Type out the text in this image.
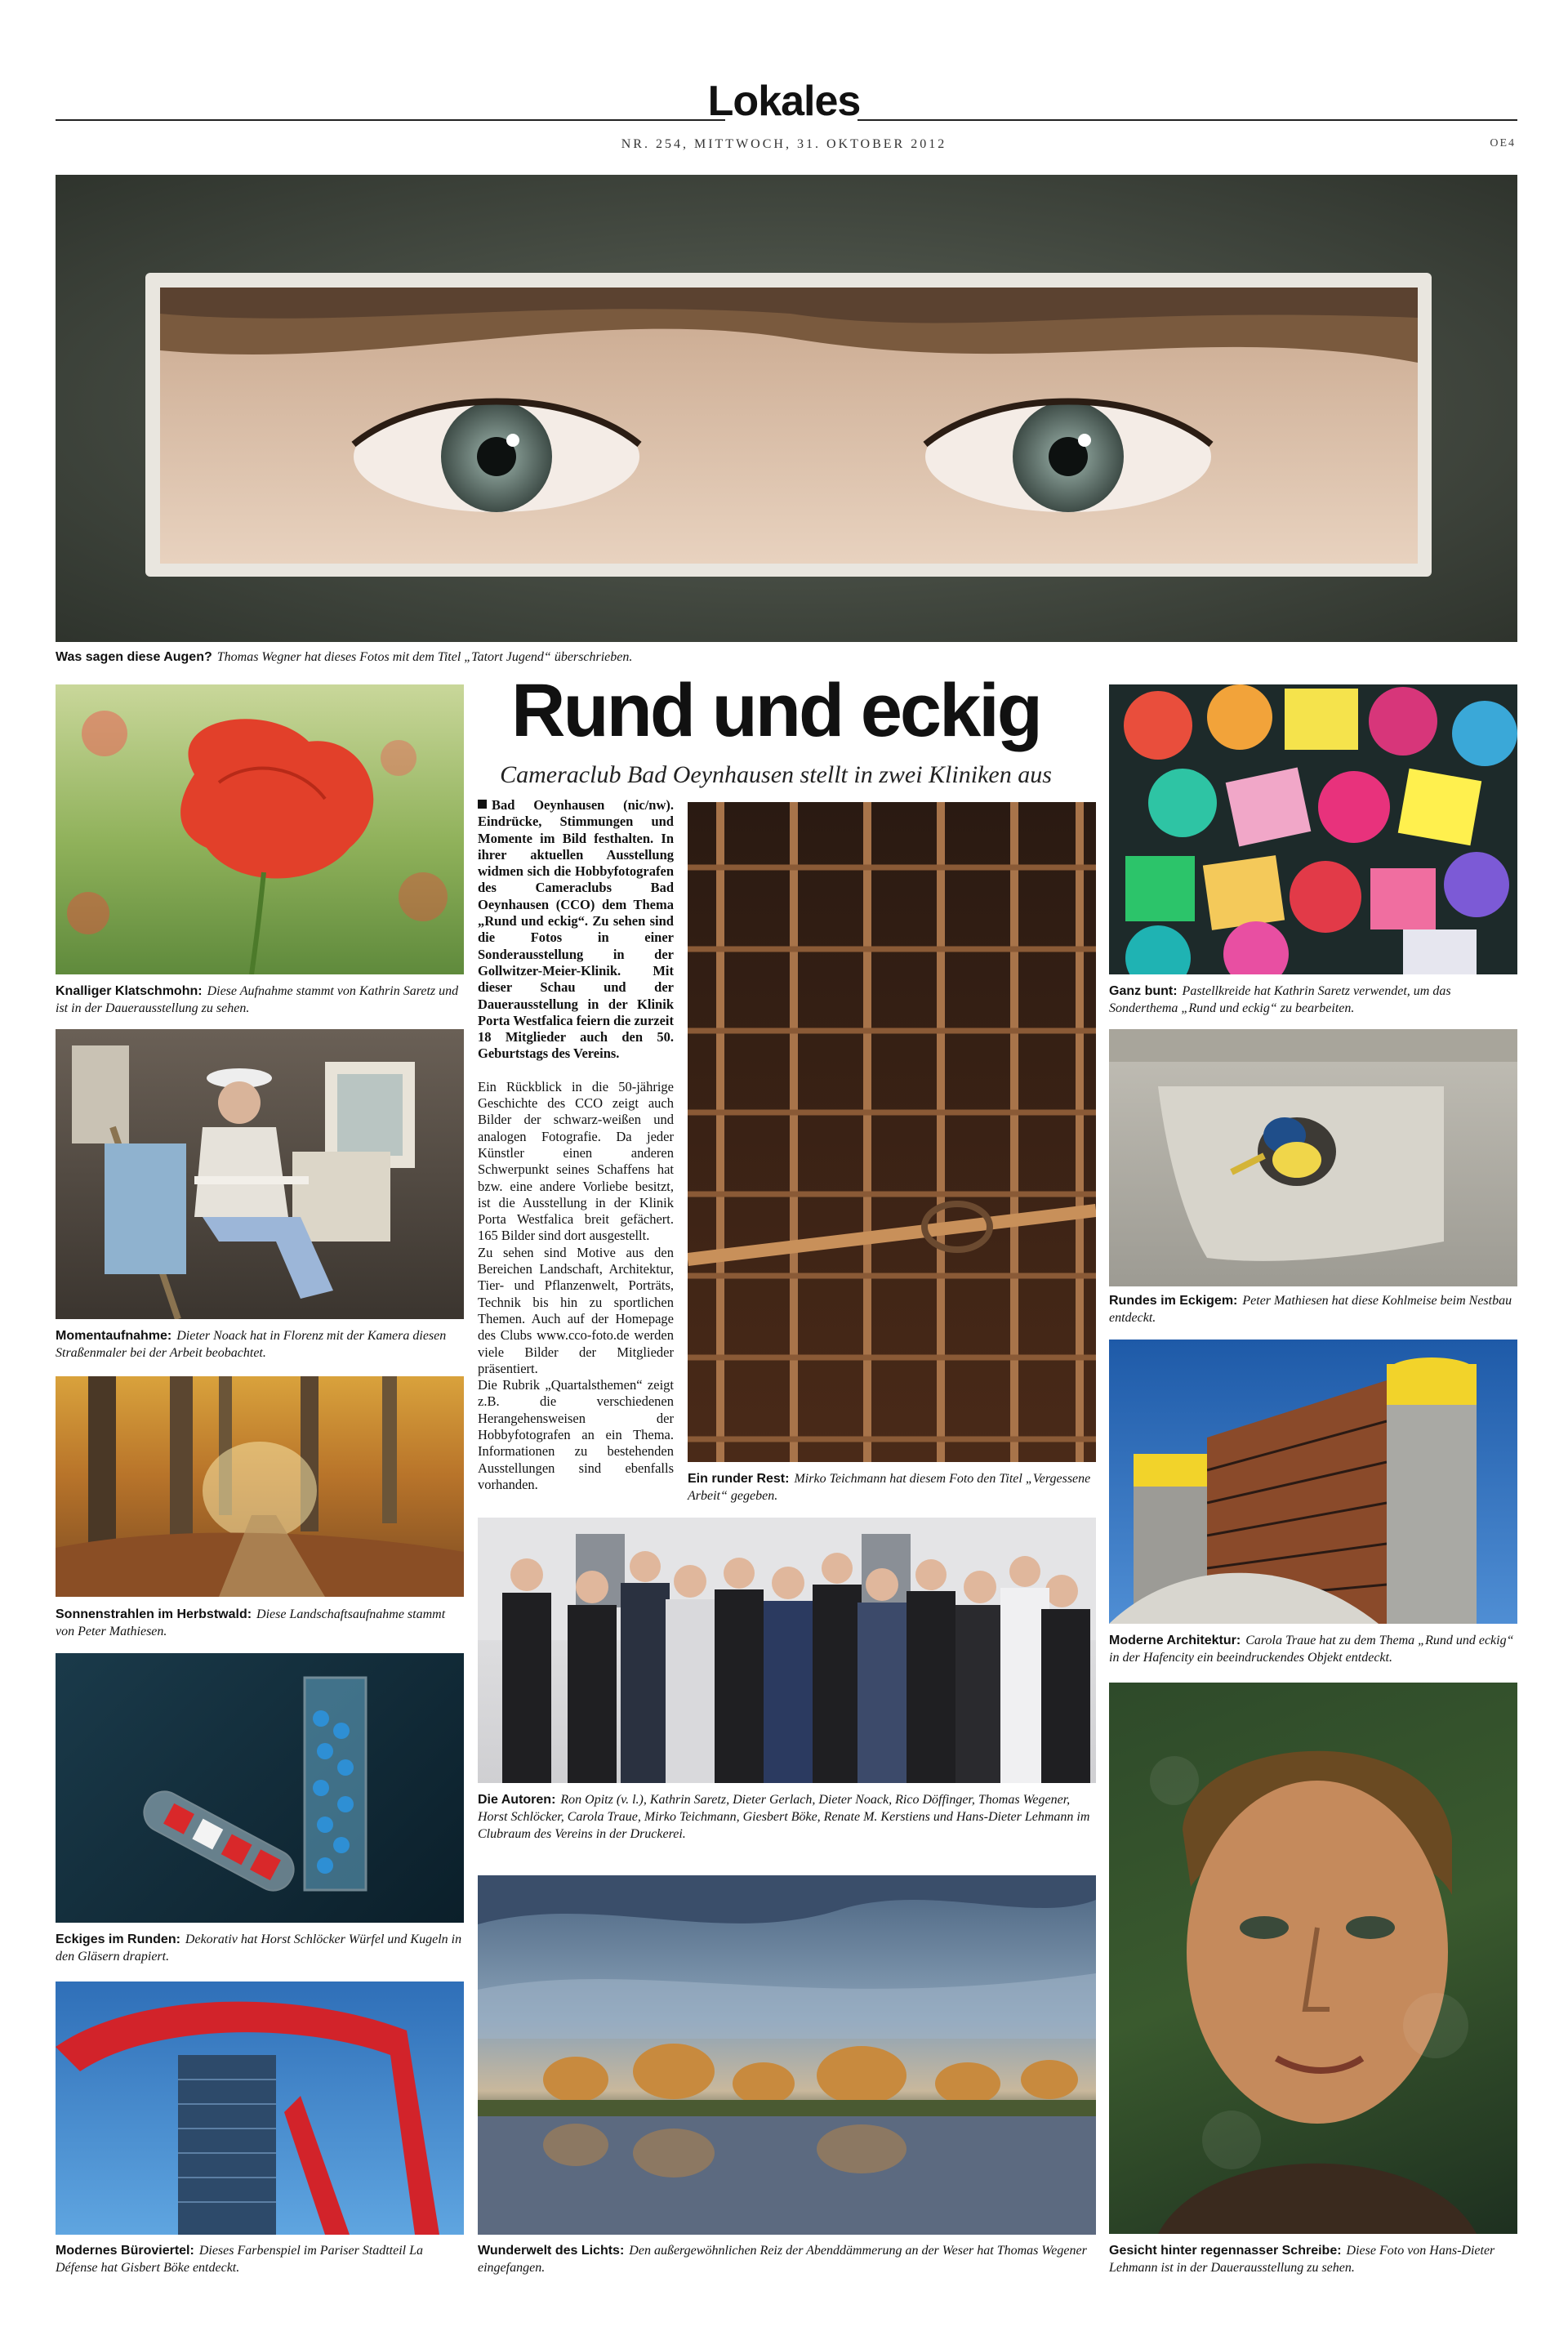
Lokales
NR. 254, MITTWOCH, 31. OKTOBER 2012	OE4
Was sagen diese Augen? Thomas Wegner hat dieses Fotos mit dem Titel „Tatort Jugend“ überschrieben.
Knalliger Klatschmohn: Diese Aufnahme stammt von Kathrin Saretz und ist in der Dauerausstellung zu sehen.
Momentaufnahme: Dieter Noack hat in Florenz mit der Kamera diesen Straßenmaler bei der Arbeit beobachtet.
Sonnenstrahlen im Herbstwald: Diese Landschaftsaufnahme stammt von Peter Mathiesen.
Eckiges im Runden: Dekorativ hat Horst Schlöcker Würfel und Kugeln in den Gläsern drapiert.
Modernes Büroviertel: Dieses Farbenspiel im Pariser Stadtteil La Défense hat Gisbert Böke entdeckt.
Rund und eckig
Cameraclub Bad Oeynhausen stellt in zwei Kliniken aus

Bad Oeynhausen (nic/nw). Eindrücke, Stimmungen und Momente im Bild festhalten. In ihrer aktuellen Ausstellung widmen sich die Hobbyfotografen des Cameraclubs Bad Oeynhausen (CCO) dem Thema „Rund und eckig“. Zu sehen sind die Fotos in einer Sonderausstellung in der Gollwitzer-Meier-Klinik. Mit dieser Schau und der Dauerausstellung in der Klinik Porta Westfalica feiern die zurzeit 18 Mitglieder auch den 50. Geburtstags des Vereins.

Ein Rückblick in die 50-jährige Geschichte des CCO zeigt auch Bilder der schwarz-weißen und analogen Fotografie. Da jeder Künstler einen anderen Schwerpunkt seines Schaffens hat bzw. eine andere Vorliebe besitzt, ist die Ausstellung in der Klinik Porta Westfalica breit gefächert. 165 Bilder sind dort ausgestellt.

Zu sehen sind Motive aus den Bereichen Landschaft, Architektur, Tier- und Pflanzenwelt, Porträts, Technik bis hin zu sportlichen Themen. Auch auf der Homepage des Clubs www.cco-foto.de werden viele Bilder der Mitglieder präsentiert.

Die Rubrik „Quartalsthemen“ zeigt z.B. die verschiedenen Herangehensweisen der Hobbyfotografen an ein Thema. Informationen zu bestehenden Ausstellungen sind ebenfalls vorhanden.	Ein runder Rest: Mirko Teichmann hat diesem Foto den Titel „Vergessene Arbeit“ gegeben.
Die Autoren: Ron Opitz (v. l.), Kathrin Saretz, Dieter Gerlach, Dieter Noack, Rico Döffinger, Thomas Wegener, Horst Schlöcker, Carola Traue, Mirko Teichmann, Giesbert Böke, Renate M. Kerstiens und Hans-Dieter Lehmann im Clubraum des Vereins in der Druckerei.
Wunderwelt des Lichts: Den außergewöhnlichen Reiz der Abenddämmerung an der Weser hat Thomas Wegener eingefangen.
Ganz bunt: Pastellkreide hat Kathrin Saretz verwendet, um das Sonderthema „Rund und eckig“ zu bearbeiten.
Rundes im Eckigem: Peter Mathiesen hat diese Kohlmeise beim Nestbau entdeckt.
Moderne Architektur: Carola Traue hat zu dem Thema „Rund und eckig“ in der Hafencity ein beeindruckendes Objekt entdeckt.
Gesicht hinter regennasser Schreibe: Diese Foto von Hans-Dieter Lehmann ist in der Dauerausstellung zu sehen.
